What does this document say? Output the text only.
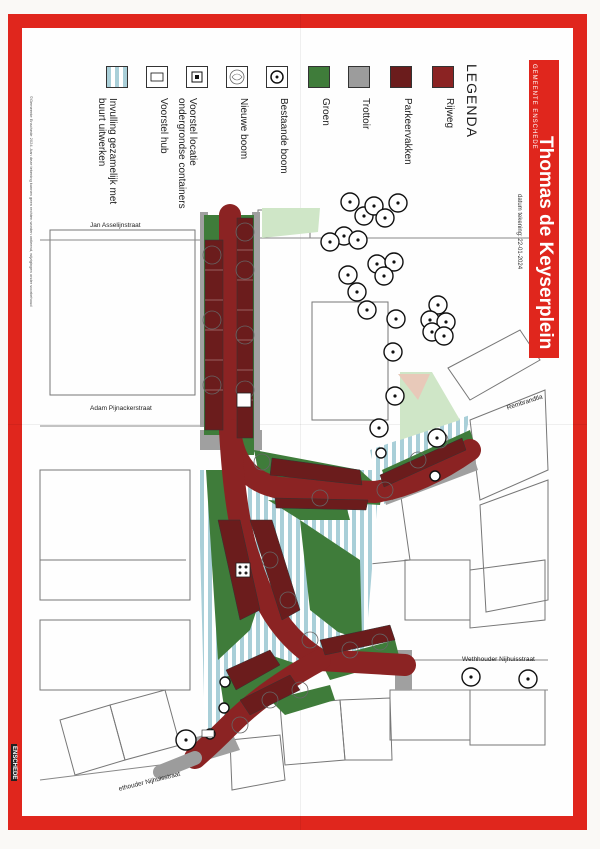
Jan Asselijnstraat
Adam Pijnackerstraat	Rembrandtla
Wethhouder Nijhuisstraat
ethouder Nijhuisstraat
GEMEENTE ENSCHEDE
Thomas de Keyserplein
datum tekening: 22-01-2024
LEGENDA
Rijweg
Parkeervakken
Trottoir
Groen
Bestaande boom
Nieuwe boom
Voorstel locatie ondergrondse containers
Voorstel hub
Invulling gezamelijk met buurt uitwerken
©Gemeente Enschede 2024. Aan deze tekening kunnen geen rechten worden ontleend, wijzigingen onder voorbehoud
ENSCHEDE
